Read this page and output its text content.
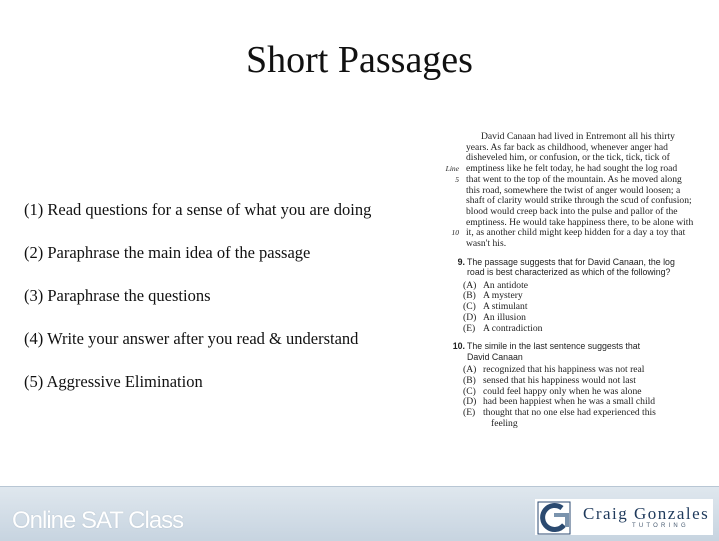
Short Passages
(1) Read questions for a sense of what you are doing
(2) Paraphrase the main idea of the passage
(3) Paraphrase the questions
(4) Write your answer after you read & understand
(5) Aggressive Elimination
David Canaan had lived in Entremont all his thirty
years. As far back as childhood, whenever anger had
disheveled him, or confusion, or the tick, tick, tick of
Line emptiness like he felt today, he had sought the log road
5 that went to the top of the mountain. As he moved along
this road, somewhere the twist of anger would loosen; a
shaft of clarity would strike through the scud of confusion;
blood would creep back into the pulse and pallor of the
emptiness. He would take happiness there, to be alone with
10 it, as another child might keep hidden for a day a toy that
wasn't his.
9. The passage suggests that for David Canaan, the log
road is best characterized as which of the following?
(A) An antidote
(B) A mystery
(C) A stimulant
(D) An illusion
(E) A contradiction
10. The simile in the last sentence suggests that
David Canaan
(A) recognized that his happiness was not real
(B) sensed that his happiness would not last
(C) could feel happy only when he was alone
(D) had been happiest when he was a small child
(E) thought that no one else had experienced this
feeling
Online SAT Class	Craig Gonzales
TUTORING
